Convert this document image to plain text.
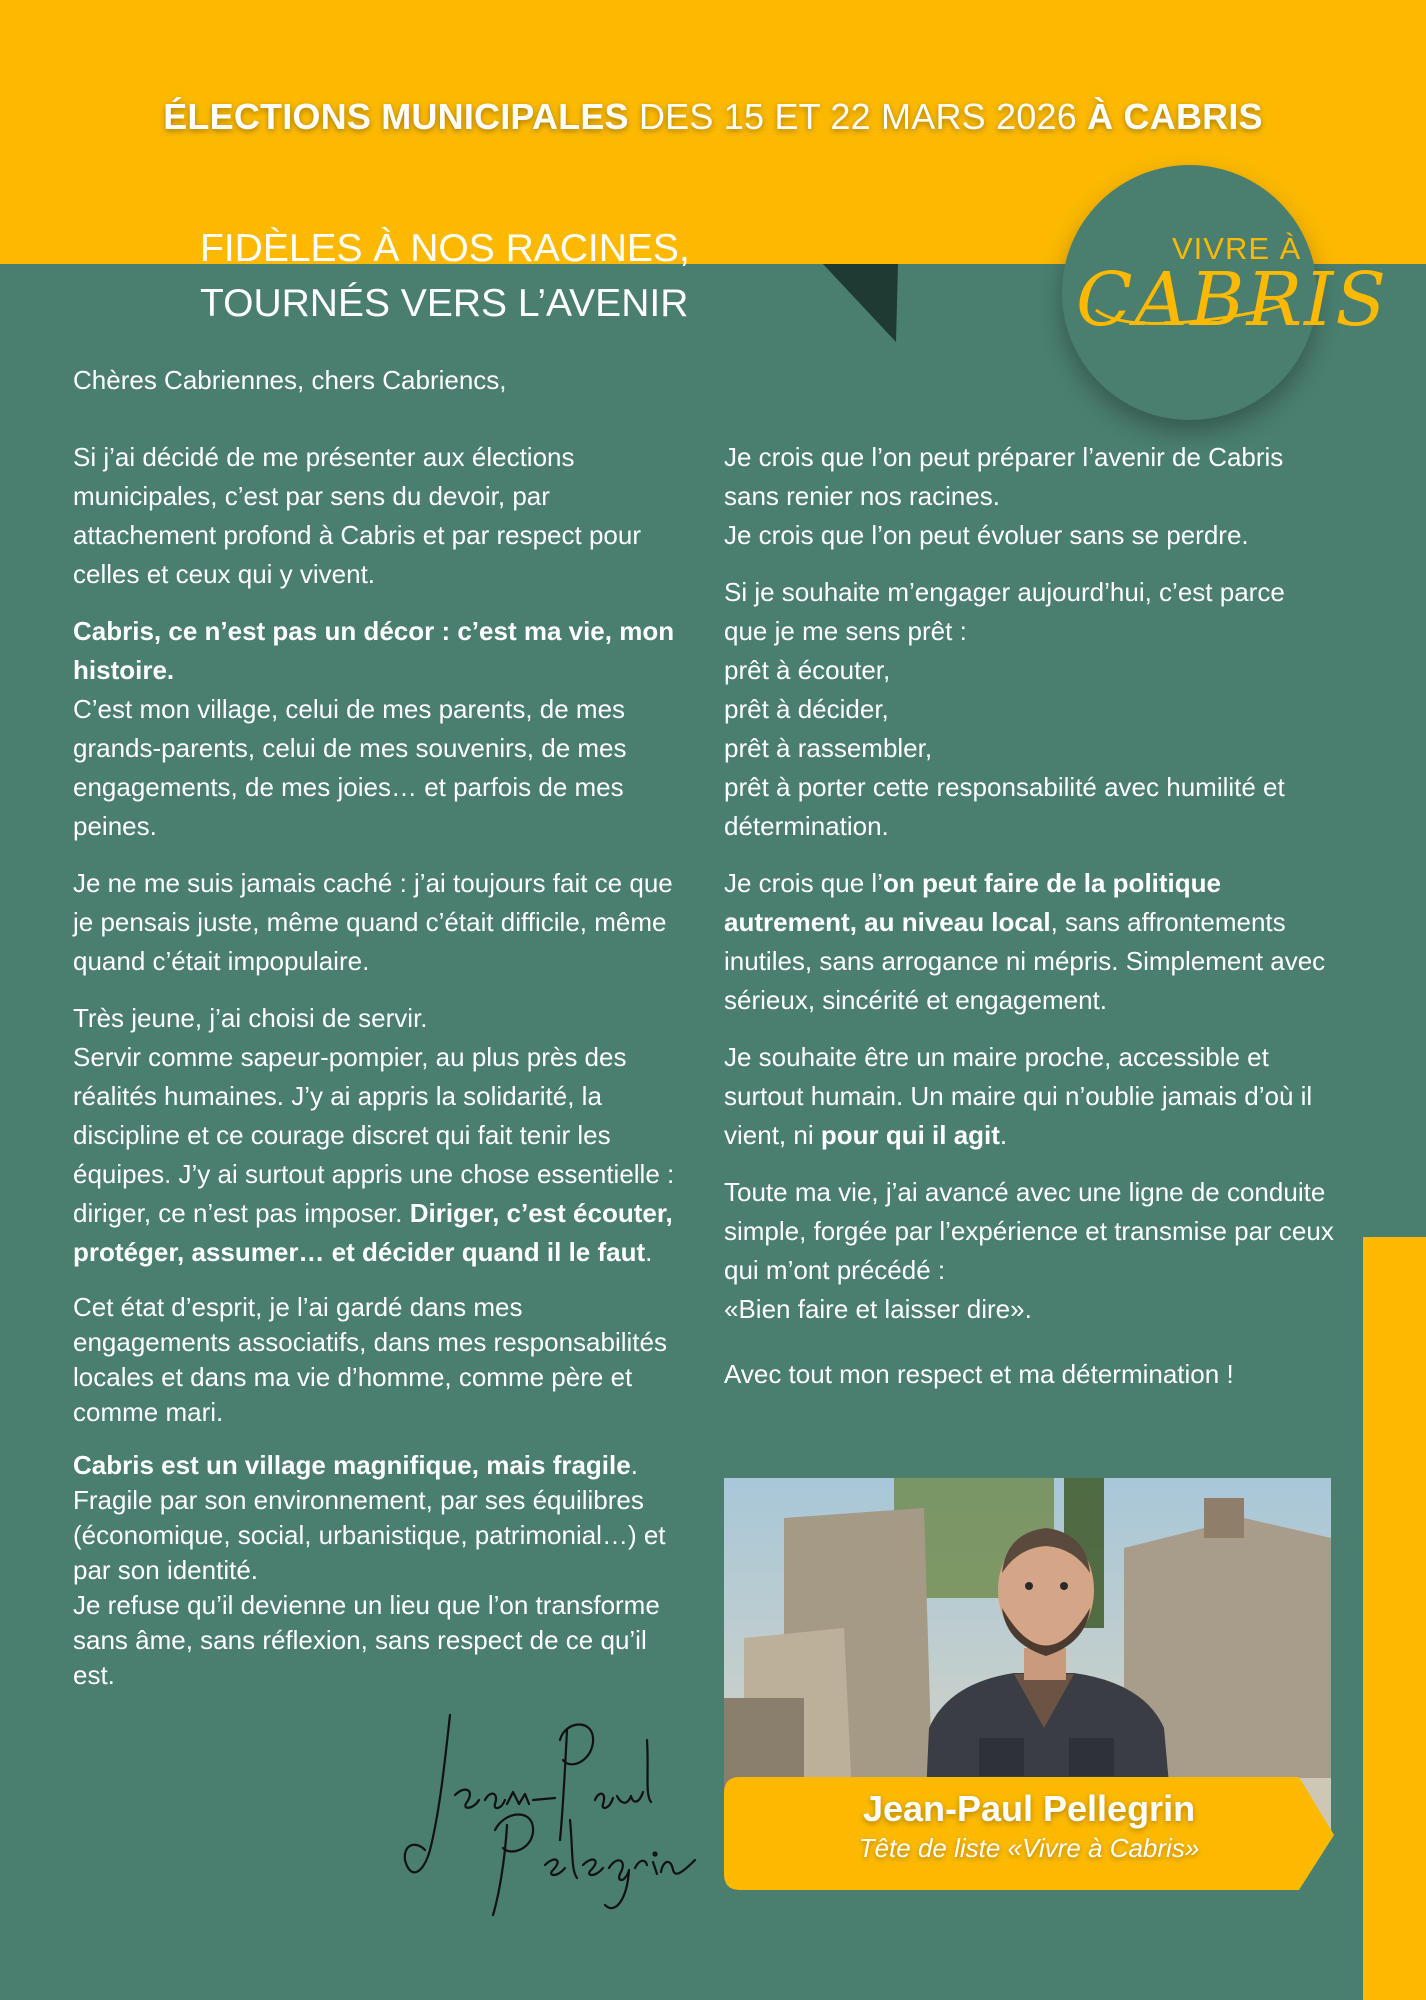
ÉLECTIONS MUNICIPALES DES 15 ET 22 MARS 2026 À CABRIS
FIDÈLES À NOS RACINES,
TOURNÉS VERS L’AVENIR
VIVRE À
CABRIS
Chères Cabriennes, chers Cabriencs,

Si j’ai décidé de me présenter aux élections municipales, c’est par sens du devoir, par attachement profond à Cabris et par respect pour celles et ceux qui y vivent.

Cabris, ce n’est pas un décor : c’est ma vie, mon histoire.
C’est mon village, celui de mes parents, de mes grands-parents, celui de mes souvenirs, de mes engagements, de mes joies… et parfois de mes peines.

Je ne me suis jamais caché : j’ai toujours fait ce que je pensais juste, même quand c’était difficile, même quand c’était impopulaire.

Très jeune, j’ai choisi de servir.
Servir comme sapeur-pompier, au plus près des réalités humaines. J’y ai appris la solidarité, la discipline et ce courage discret qui fait tenir les équipes. J’y ai surtout appris une chose essentielle : diriger, ce n’est pas imposer. Diriger, c’est écouter, protéger, assumer… et décider quand il le faut.

Cet état d’esprit, je l’ai gardé dans mes engagements associatifs, dans mes responsabilités locales et dans ma vie d’homme, comme père et comme mari.

Cabris est un village magnifique, mais fragile. Fragile par son environnement, par ses équilibres (économique, social, urbanistique, patrimonial…) et par son identité.
Je refuse qu’il devienne un lieu que l’on transforme sans âme, sans réflexion, sans respect de ce qu’il est.

Je crois que l’on peut préparer l’avenir de Cabris sans renier nos racines.
Je crois que l’on peut évoluer sans se perdre.

Si je souhaite m’engager aujourd’hui, c’est parce que je me sens prêt :
prêt à écouter,
prêt à décider,
prêt à rassembler,
prêt à porter cette responsabilité avec humilité et détermination.

Je crois que l’on peut faire de la politique autrement, au niveau local, sans affrontements inutiles, sans arrogance ni mépris. Simplement avec sérieux, sincérité et engagement.

Je souhaite être un maire proche, accessible et surtout humain. Un maire qui n’oublie jamais d’où il vient, ni pour qui il agit.

Toute ma vie, j’ai avancé avec une ligne de conduite simple, forgée par l’expérience et transmise par ceux qui m’ont précédé :
«Bien faire et laisser dire».

Avec tout mon respect et ma détermination !

Jean-Paul Pellegrin
Tête de liste «Vivre à Cabris»
